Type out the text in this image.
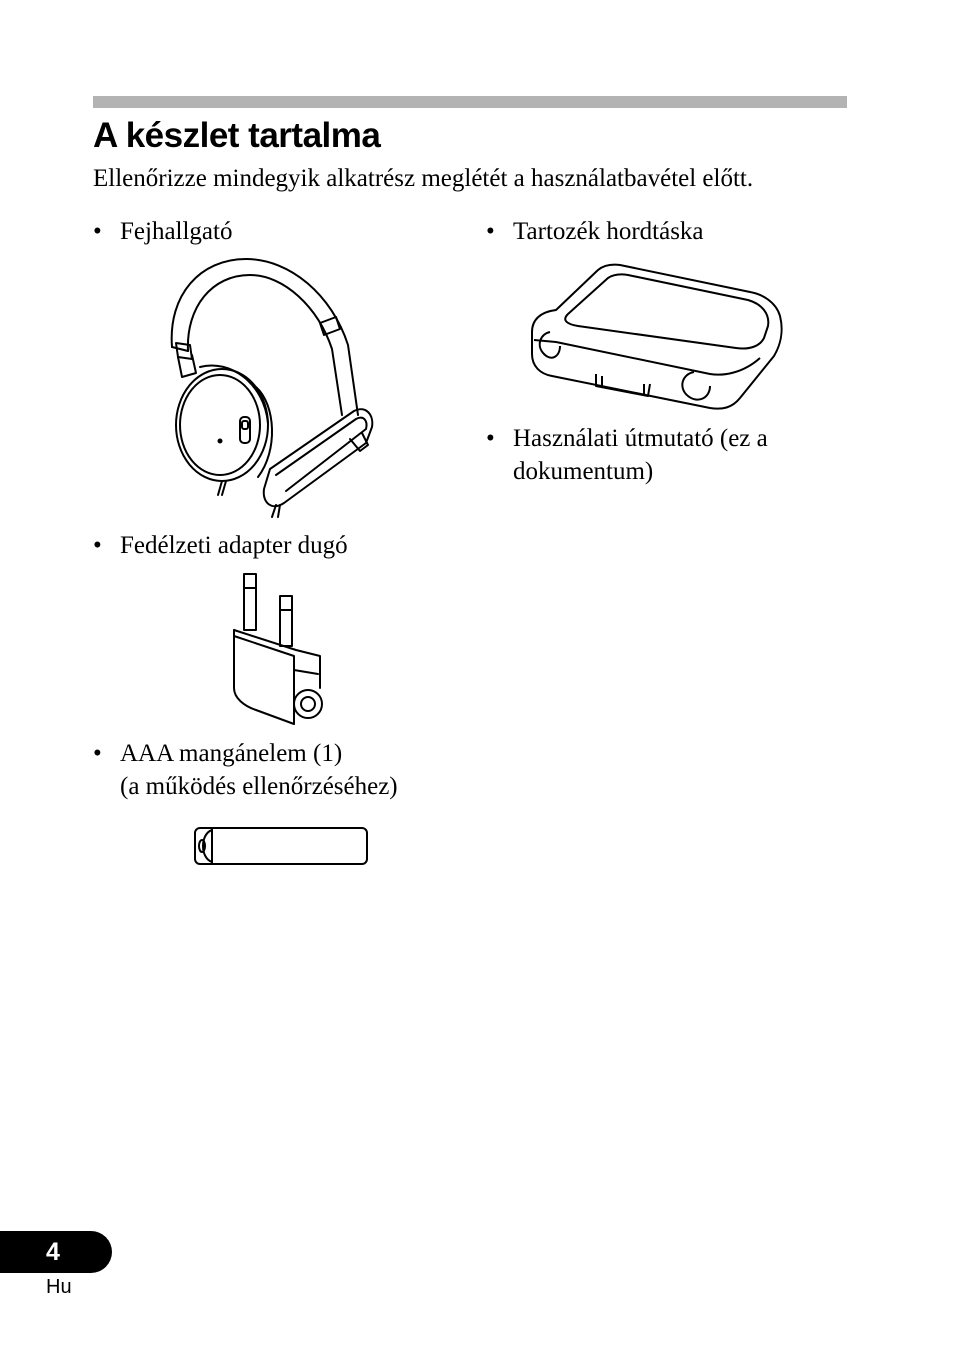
A készlet tartalma

Ellenőrizze mindegyik alkatrész meglétét a használatbavétel előtt.

• Fejhallgató
• Fedélzeti adapter dugó
• AAA mangánelem (1)
(a működés ellenőrzéséhez)
• Tartozék hordtáska
• Használati útmutató (ez a
dokumentum)
4
Hu
